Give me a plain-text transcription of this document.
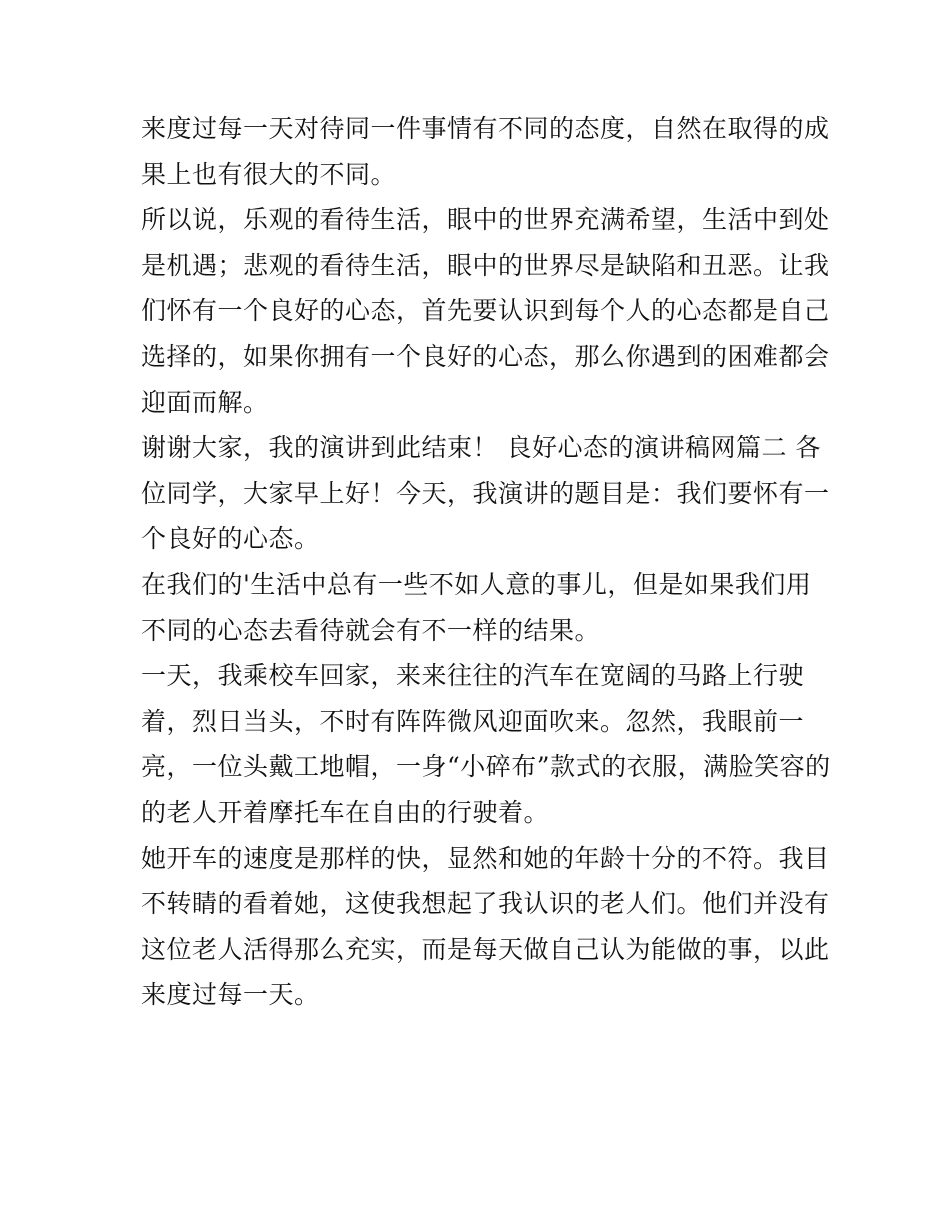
来度过每一天对待同一件事情有不同的态度，自然在取得的成
果上也有很大的不同。
所以说，乐观的看待生活，眼中的世界充满希望，生活中到处
是机遇；悲观的看待生活，眼中的世界尽是缺陷和丑恶。让我
们怀有一个良好的心态，首先要认识到每个人的心态都是自己
选择的，如果你拥有一个良好的心态，那么你遇到的困难都会
迎面而解。
谢谢大家，我的演讲到此结束！ 良好心态的演讲稿网篇二 各
位同学，大家早上好！今天，我演讲的题目是：我们要怀有一
个良好的心态。
在我们的'生活中总有一些不如人意的事儿，但是如果我们用
不同的心态去看待就会有不一样的结果。
一天，我乘校车回家，来来往往的汽车在宽阔的马路上行驶
着，烈日当头，不时有阵阵微风迎面吹来。忽然，我眼前一
亮，一位头戴工地帽，一身“小碎布”款式的衣服，满脸笑容的
的老人开着摩托车在自由的行驶着。
她开车的速度是那样的快，显然和她的年龄十分的不符。我目
不转睛的看着她，这使我想起了我认识的老人们。他们并没有
这位老人活得那么充实，而是每天做自己认为能做的事，以此
来度过每一天。
